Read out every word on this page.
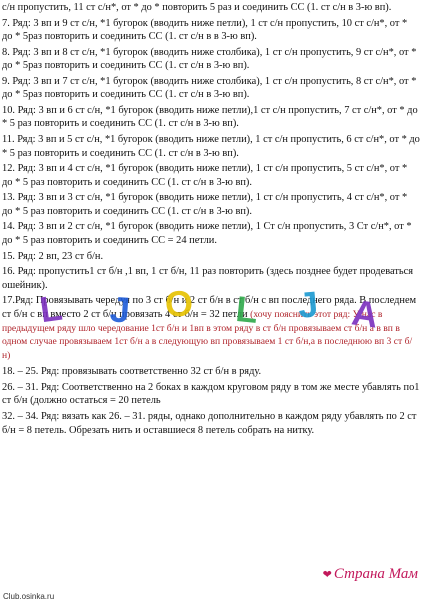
с/н пропустить, 11 ст с/н*, от * до * повторить 5 раз и соединить СС (1. ст с/н в 3-ю вп).

7. Ряд: 3 вп и 9 ст с/н, *1 бугорок (вводить ниже петли), 1 ст с/н пропустить, 10 ст с/н*, от * до * 5раз повторить и соединить СС (1. ст с/н в в 3-ю вп).

8. Ряд: 3 вп и 8 ст с/н, *1 бугорок (вводить ниже столбика), 1 ст с/н пропустить, 9 ст с/н*, от * до * 5раз повторить и соединить СС (1. ст с/н в 3-ю вп).

9. Ряд: 3 вп и 7 ст с/н, *1 бугорок (вводить ниже столбика), 1 ст с/н пропустить, 8 ст с/н*, от * до * 5раз повторить и соединить СС (1. ст с/н в 3-ю вп).

10. Ряд: 3 вп и 6 ст с/н, *1 бугорок (вводить ниже петли),1 ст с/н пропустить, 7 ст с/н*, от * до * 5 раз повторить и соединить СС (1. ст с/н в 3-ю вп).

11. Ряд: 3 вп и 5 ст с/н, *1 бугорок (вводить ниже петли), 1 ст с/н пропустить, 6 ст с/н*, от * до * 5 раз повторить и соединить СС (1. ст с/н в 3-ю вп).

12. Ряд: 3 вп и 4 ст с/н, *1 бугорок (вводить ниже петли), 1 ст с/н пропустить, 5 ст с/н*, от * до * 5 раз повторить и соединить СС (1. ст с/н в 3-ю вп).

13. Ряд: 3 вп и 3 ст с/н, *1 бугорок (вводить ниже петли), 1 ст с/н пропустить, 4 ст с/н*, от * до * 5 раз повторить и соединить СС (1. ст с/н в 3-ю вп).

14. Ряд: 3 вп и 2 ст с/н, *1 бугорок (вводить ниже петли), 1 Ст с/н пропустить, 3 Ст с/н*, от * до * 5 раз повторить и соединить СС = 24 петли.

15. Ряд: 2 вп, 23 ст б/н.

16. Ряд: пропустить1 ст б/н ,1 вп, 1 ст б/н, 11 раз повторить (здесь позднее будет продеваться ошейник).

17.Ряд: Провязывать чередуя по 3 ст б/н и 2 ст б/н в ст б/н с вп последнего ряда. В последнем ст б/н с вп вместо 2 ст б/н провязать 4 ст б/н = 32 петли (хочу пояснить этот ряд: У нас в предыдущем ряду шло чередование 1ст б/н и 1вп в этом ряду в ст б/н провязываем ст б/н а в вп в одном случае провязываем 1ст б/н а в следующую вп провязываем 1 ст б/н,а в последнюю вп 3 ст б/н)

18. – 25. Ряд: провязывать соответственно 32 ст б/н в ряду.

26. – 31. Ряд: Соответственно на 2 боках в каждом круговом ряду в том же месте убавлять по1 ст б/н (должно остаться = 20 петель

32. – 34. Ряд: вязать как 26. – 31. ряды, однако дополнительно в каждом ряду убавлять по 2 ст б/н = 8 петель. Обрезать нить и оставшиеся 8 петель собрать на нитку.

L J O L J A
❤ Страна Мам
Club.osinka.ru
